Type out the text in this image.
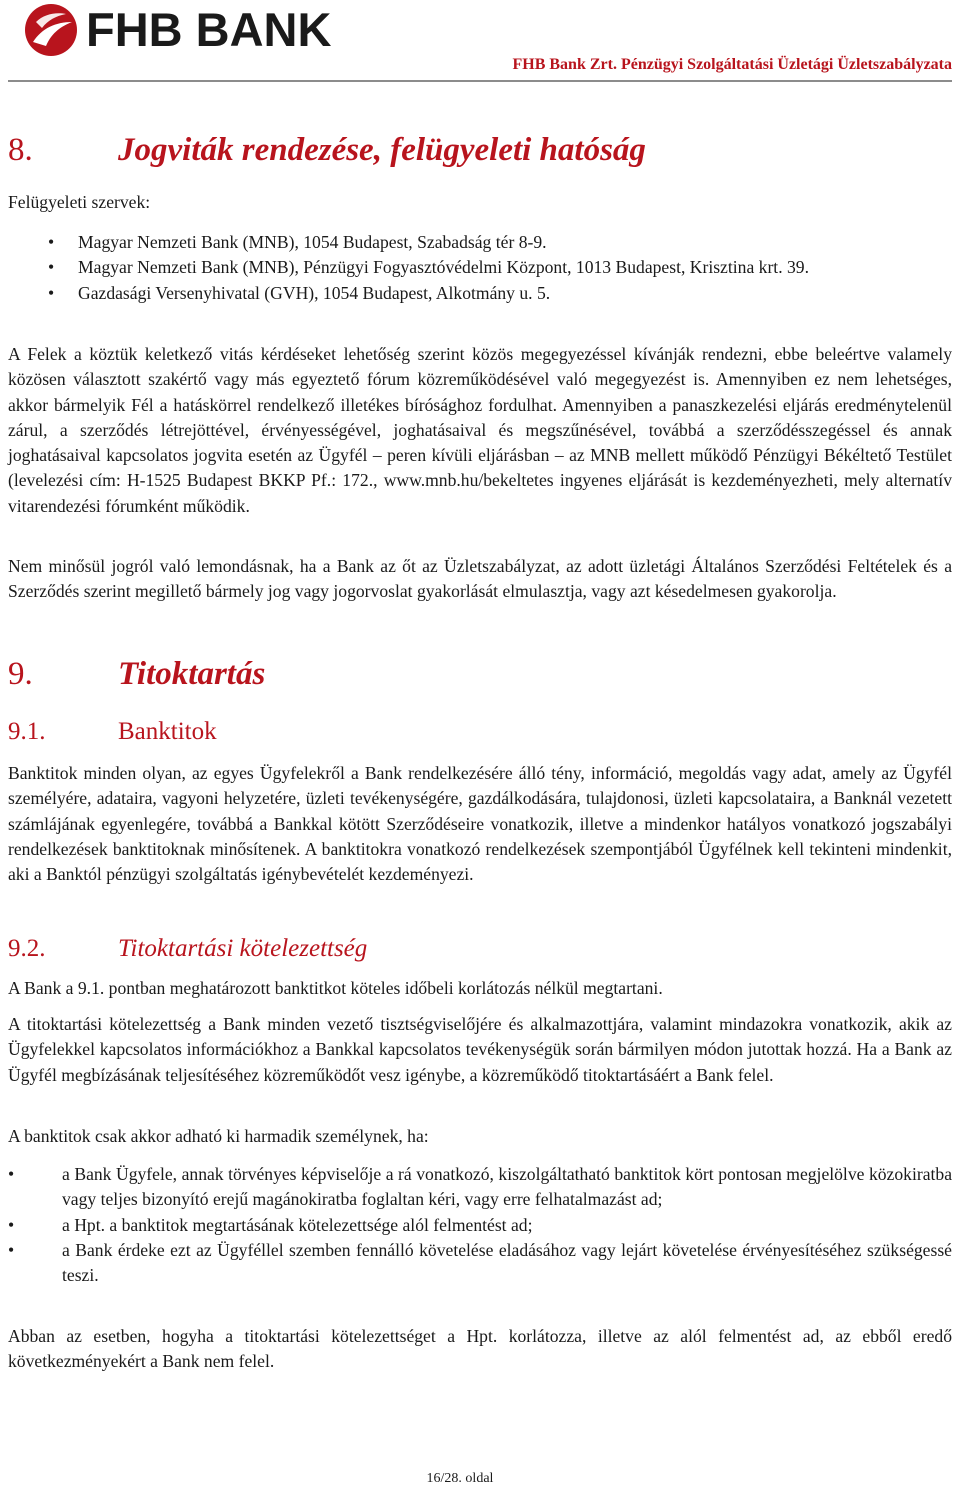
FHB BANK
FHB Bank Zrt. Pénzügyi Szolgáltatási Üzletági Üzletszabályzata
8.	Jogviták rendezése, felügyeleti hatóság
Felügyeleti szervek:
• Magyar Nemzeti Bank (MNB), 1054 Budapest, Szabadság tér 8-9.
• Magyar Nemzeti Bank (MNB), Pénzügyi Fogyasztóvédelmi Központ, 1013 Budapest, Krisztina krt. 39.
• Gazdasági Versenyhivatal (GVH), 1054 Budapest, Alkotmány u. 5.

A Felek a köztük keletkező vitás kérdéseket lehetőség szerint közös megegyezéssel kívánják rendezni, ebbe beleértve valamely közösen választott szakértő vagy más egyeztető fórum közreműködésével való megegyezést is. Amennyiben ez nem lehetséges, akkor bármelyik Fél a hatáskörrel rendelkező illetékes bírósághoz fordulhat. Amennyiben a panaszkezelési eljárás eredménytelenül zárul, a szerződés létrejöttével, érvényességével, joghatásaival és megszűnésével, továbbá a szerződésszegéssel és annak joghatásaival kapcsolatos jogvita esetén az Ügyfél – peren kívüli eljárásban – az MNB mellett működő Pénzügyi Békéltető Testület (levelezési cím: H-1525 Budapest BKKP Pf.: 172., www.mnb.hu/bekeltetes ingyenes eljárását is kezdeményezheti, mely alternatív vitarendezési fórumként működik.

Nem minősül jogról való lemondásnak, ha a Bank az őt az Üzletszabályzat, az adott üzletági Általános Szerződési Feltételek és a Szerződés szerint megillető bármely jog vagy jogorvoslat gyakorlását elmulasztja, vagy azt késedelmesen gyakorolja.

9.	Titoktartás
9.1.	Banktitok

Banktitok minden olyan, az egyes Ügyfelekről a Bank rendelkezésére álló tény, információ, megoldás vagy adat, amely az Ügyfél személyére, adataira, vagyoni helyzetére, üzleti tevékenységére, gazdálkodására, tulajdonosi, üzleti kapcsolataira, a Banknál vezetett számlájának egyenlegére, továbbá a Bankkal kötött Szerződéseire vonatkozik, illetve a mindenkor hatályos vonatkozó jogszabályi rendelkezések banktitoknak minősítenek. A banktitokra vonatkozó rendelkezések szempontjából Ügyfélnek kell tekinteni mindenkit, aki a Banktól pénzügyi szolgáltatás igénybevételét kezdeményezi.

9.2.	Titoktartási kötelezettség

A Bank a 9.1. pontban meghatározott banktitkot köteles időbeli korlátozás nélkül megtartani.

A titoktartási kötelezettség a Bank minden vezető tisztségviselőjére és alkalmazottjára, valamint mindazokra vonatkozik, akik az Ügyfelekkel kapcsolatos információkhoz a Bankkal kapcsolatos tevékenységük során bármilyen módon jutottak hozzá. Ha a Bank az Ügyfél megbízásának teljesítéséhez közreműködőt vesz igénybe, a közreműködő titoktartásáért a Bank felel.

A banktitok csak akkor adható ki harmadik személynek, ha:

•	a Bank Ügyfele, annak törvényes képviselője a rá vonatkozó, kiszolgáltatható banktitok kört pontosan megjelölve közokiratba vagy teljes bizonyító erejű magánokiratba foglaltan kéri, vagy erre felhatalmazást ad;
•	a Hpt. a banktitok megtartásának kötelezettsége alól felmentést ad;
•	a Bank érdeke ezt az Ügyféllel szemben fennálló követelése eladásához vagy lejárt követelése érvényesítéséhez szükségessé teszi.

Abban az esetben, hogyha a titoktartási kötelezettséget a Hpt. korlátozza, illetve az alól felmentést ad, az ebből eredő következményekért a Bank nem felel.

16/28. oldal
